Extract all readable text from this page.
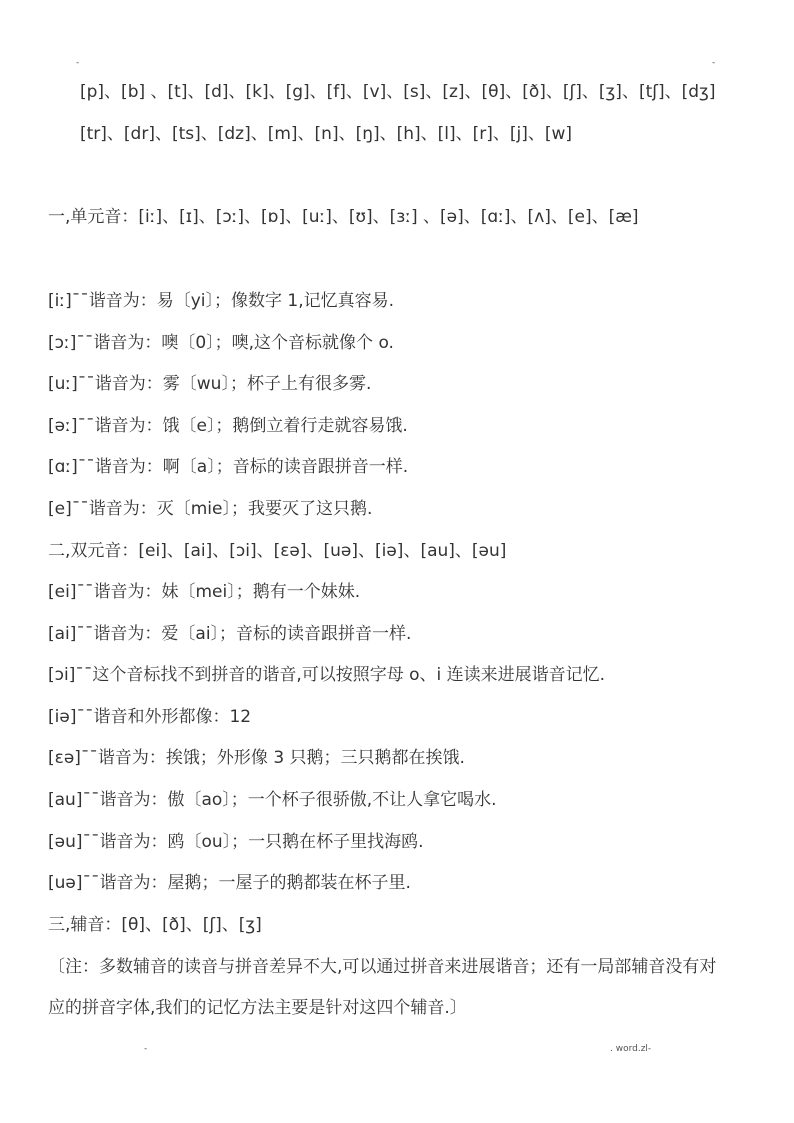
-	-
[p]、[b] 、[t]、[d]、[k]、[g]、[f]、[v]、[s]、[z]、[θ]、[ð]、[ʃ]、[ʒ]、[tʃ]、[dʒ]
[tr]、[dr]、[ts]、[dz]、[m]、[n]、[ŋ]、[h]、[l]、[r]、[j]、[w]
一,单元音：[iː]、[ɪ]、[ɔː]、[ɒ]、[uː]、[ʊ]、[ɜː] 、[ə]、[ɑː]、[ʌ]、[e]、[æ]
[iː]¯¯谐音为：易〔yi〕；像数字 1,记忆真容易.
[ɔː]¯¯谐音为：噢〔0〕；噢,这个音标就像个 o.
[uː]¯¯谐音为：雾〔wu〕；杯子上有很多雾.
[əː]¯¯谐音为：饿〔e〕；鹅倒立着行走就容易饿.
[ɑː]¯¯谐音为：啊〔a〕；音标的读音跟拼音一样.
[e]¯¯谐音为：灭〔mie〕；我要灭了这只鹅.
二,双元音：[ei]、[ai]、[ɔi]、[ɛə]、[uə]、[iə]、[au]、[əu]
[ei]¯¯谐音为：妹〔mei〕；鹅有一个妹妹.
[ai]¯¯谐音为：爱〔ai〕；音标的读音跟拼音一样.
[ɔi]¯¯这个音标找不到拼音的谐音,可以按照字母 o、i 连读来进展谐音记忆.
[iə]¯¯谐音和外形都像：12
[ɛə]¯¯谐音为：挨饿；外形像 3 只鹅；三只鹅都在挨饿.
[au]¯¯谐音为：傲〔ao〕；一个杯子很骄傲,不让人拿它喝水.
[əu]¯¯谐音为：鸥〔ou〕；一只鹅在杯子里找海鸥.
[uə]¯¯谐音为：屋鹅；一屋子的鹅都装在杯子里.
三,辅音：[θ]、[ð]、[ʃ]、[ʒ]
〔注：多数辅音的读音与拼音差异不大,可以通过拼音来进展谐音；还有一局部辅音没有对
应的拼音字体,我们的记忆方法主要是针对这四个辅音.〕
-	. word.zl-
